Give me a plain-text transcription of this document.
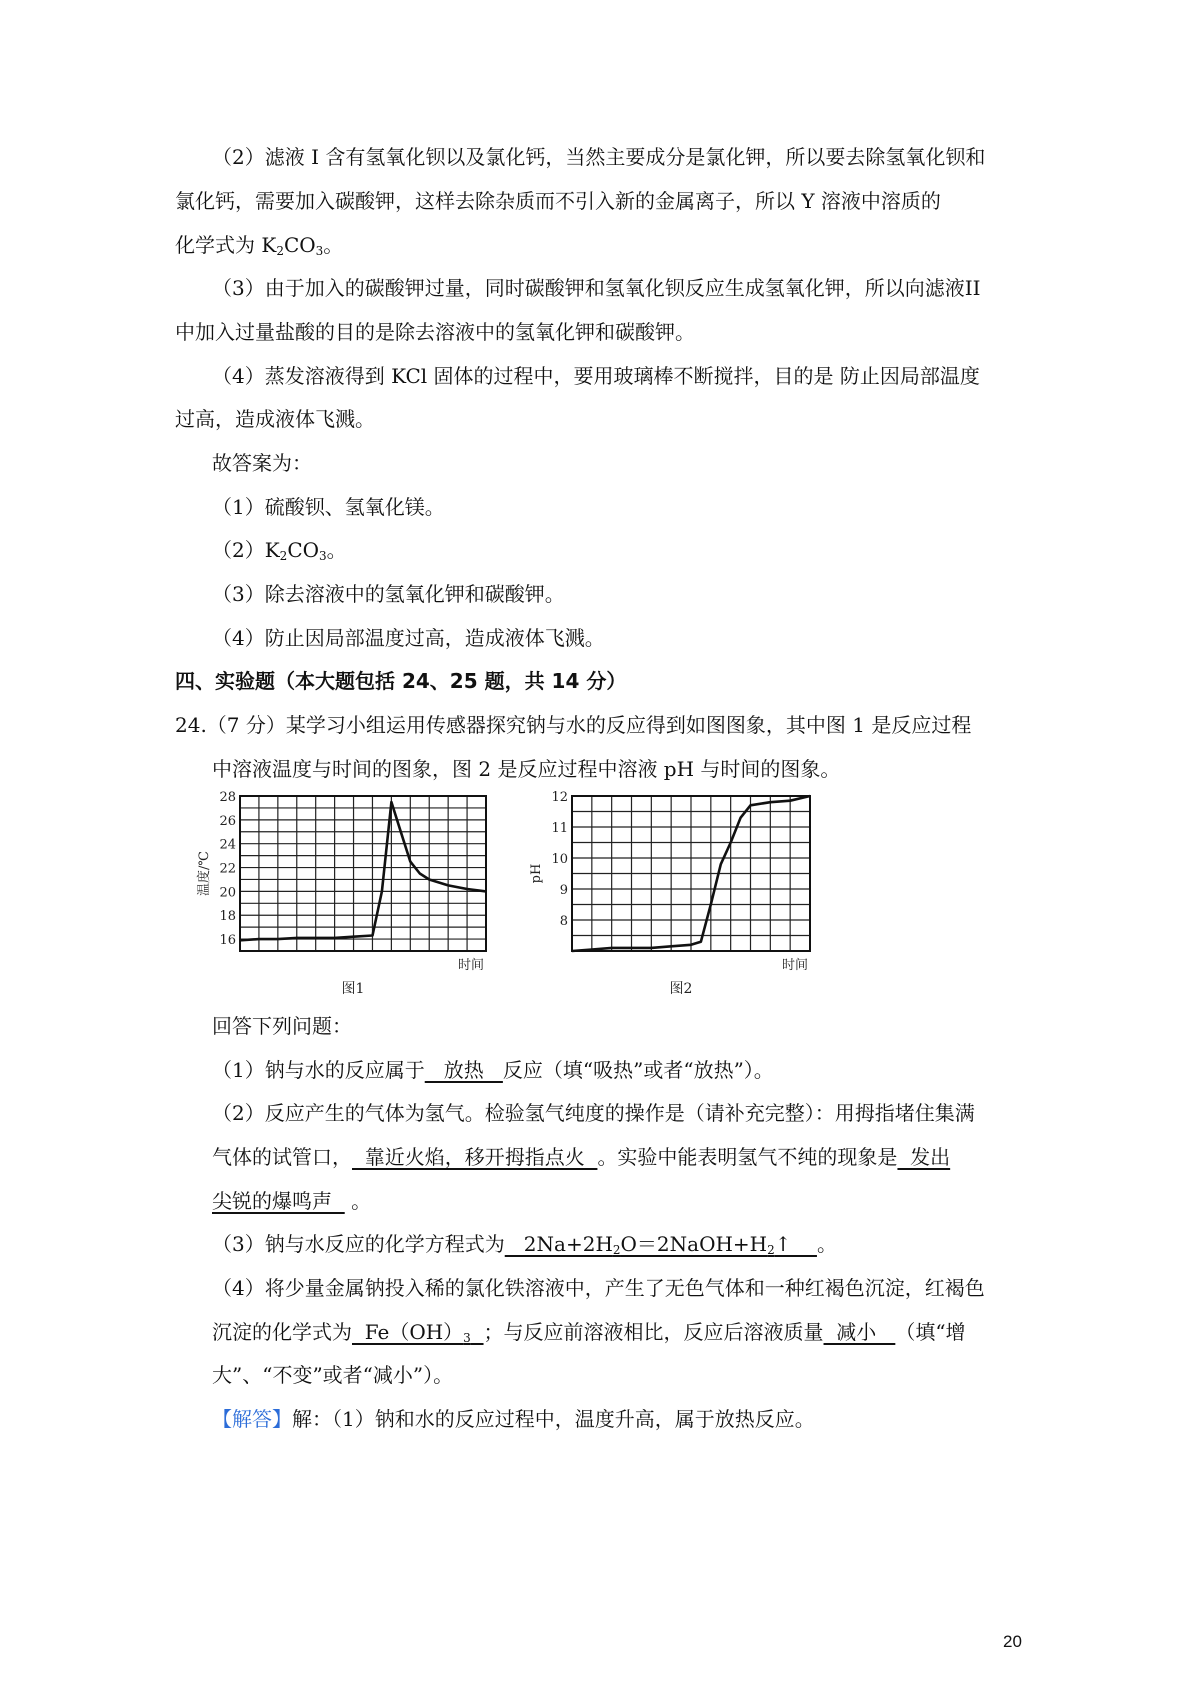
（2）滤液 I 含有氢氧化钡以及氯化钙，当然主要成分是氯化钾，所以要去除氢氧化钡和
氯化钙，需要加入碳酸钾，这样去除杂质而不引入新的金属离子，所以 Y 溶液中溶质的
化学式为 $K_2CO_3$。
（3）由于加入的碳酸钾过量，同时碳酸钾和氢氧化钡反应生成氢氧化钾，所以向滤液II
中加入过量盐酸的目的是除去溶液中的氢氧化钾和碳酸钾。
（4）蒸发溶液得到 KCl 固体的过程中，要用玻璃棒不断搅拌，目的是 防止因局部温度
过高，造成液体飞溅。
故答案为：
（1）硫酸钡、氢氧化镁。
$(2)K_2CO_3$。
（3）除去溶液中的氢氧化钾和碳酸钾。
（4）防止因局部温度过高，造成液体飞溅。
四、实验题（本大题包括 24、25 题，共 14 分）
24.（7 分）某学习小组运用传感器探究钠与水的反应得到如图图象，其中图 1 是反应过程
中溶液温度与时间的图象，图 2 是反应过程中溶液 pH 与时间的图象。
28
26
24
22
20
18
16
温度/℃
时间
图1
12
11
10
9
8
pH
时间
图2
回答下列问题：
（1）钠与水的反应属于   放热   反应（填“吸热”或者“放热”）。
（2）反应产生的气体为氢气。检验氢气纯度的操作是（请补充完整）：用拇指堵住集满
气体的试管口，  靠近火焰，移开拇指点火  。实验中能表明氢气不纯的现象是  发出
尖锐的爆鸣声   。
（3）钠与水反应的化学方程式为   $2Na+2H_2O=2NaOH+H_2↑$    。
（4）将少量金属钠投入稀的氯化铁溶液中，产生了无色气体和一种红褐色沉淀，红褐色
沉淀的化学式为  $Fe(OH)_3$ ；与反应前溶液相比，反应后溶液质量  减小   （填“增
大”、“不变”或者“减小”）。
【解答】解：（1）钠和水的反应过程中，温度升高，属于放热反应。
20
